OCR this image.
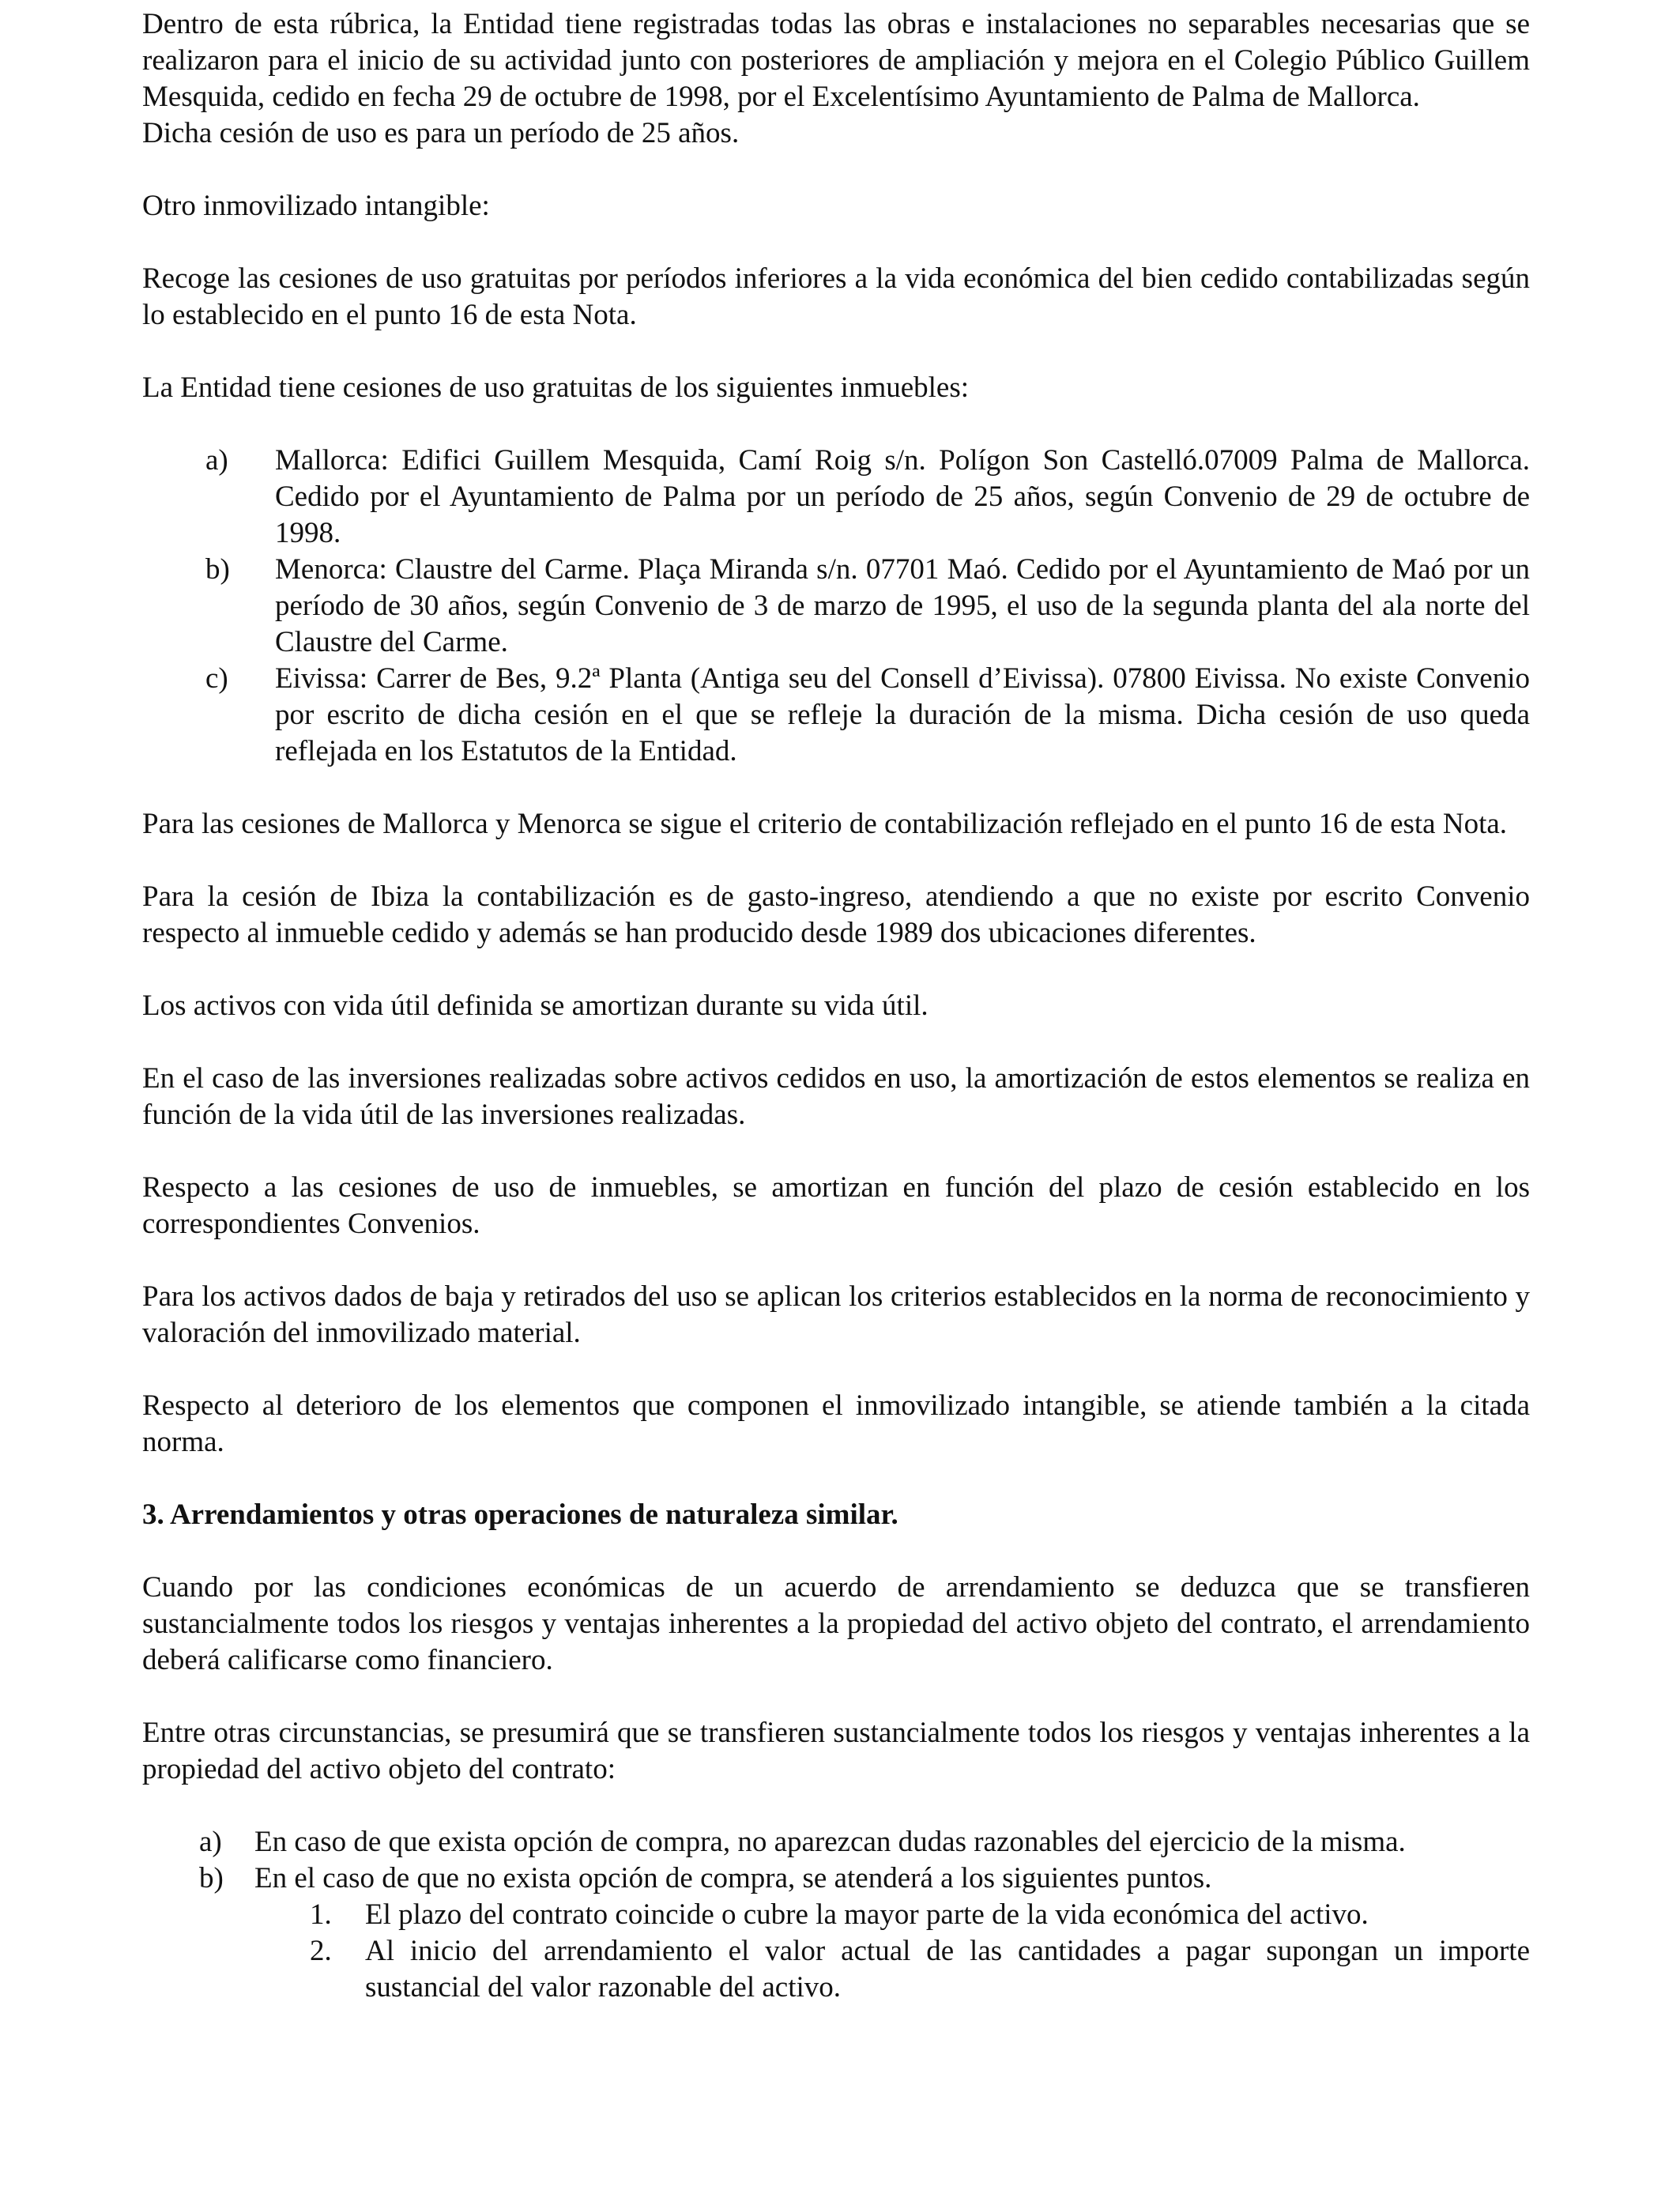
Dentro de esta rúbrica, la Entidad tiene registradas todas las obras e instalaciones no separables necesarias que se realizaron para el inicio de su actividad junto con posteriores de ampliación y mejora en el Colegio Público Guillem Mesquida, cedido en fecha 29 de octubre de 1998, por el Excelentísimo Ayuntamiento de Palma de Mallorca.

Dicha cesión de uso es para un período de 25 años.

Otro inmovilizado intangible:

Recoge las cesiones de uso gratuitas por períodos inferiores a la vida económica del bien cedido contabilizadas según lo establecido en el punto 16 de esta Nota.

La Entidad tiene cesiones de uso gratuitas de los siguientes inmuebles:

a) Mallorca: Edifici Guillem Mesquida, Camí Roig s/n. Polígon Son Castelló.07009 Palma de Mallorca. Cedido por el Ayuntamiento de Palma por un período de 25 años, según Convenio de 29 de octubre de 1998.
b) Menorca: Claustre del Carme. Plaça Miranda s/n. 07701 Maó. Cedido por el Ayuntamiento de Maó por un período de 30 años, según Convenio de 3 de marzo de 1995, el uso de la segunda planta del ala norte del Claustre del Carme.
c) Eivissa: Carrer de Bes, 9.2ª Planta (Antiga seu del Consell d’Eivissa). 07800 Eivissa. No existe Convenio por escrito de dicha cesión en el que se refleje la duración de la misma. Dicha cesión de uso queda reflejada en los Estatutos de la Entidad.

Para las cesiones de Mallorca y Menorca se sigue el criterio de contabilización reflejado en el punto 16 de esta Nota.

Para la cesión de Ibiza la contabilización es de gasto-ingreso, atendiendo a que no existe por escrito Convenio respecto al inmueble cedido y además se han producido desde 1989 dos ubicaciones diferentes.

Los activos con vida útil definida se amortizan durante su vida útil.

En el caso de las inversiones realizadas sobre activos cedidos en uso, la amortización de estos elementos se realiza en función de la vida útil de las inversiones realizadas.

Respecto a las cesiones de uso de inmuebles, se amortizan en función del plazo de cesión establecido en los correspondientes Convenios.

Para los activos dados de baja y retirados del uso se aplican los criterios establecidos en la norma de reconocimiento y valoración del inmovilizado material.

Respecto al deterioro de los elementos que componen el inmovilizado intangible, se atiende también a la citada norma.

3. Arrendamientos y otras operaciones de naturaleza similar.

Cuando por las condiciones económicas de un acuerdo de arrendamiento se deduzca que se transfieren sustancialmente todos los riesgos y ventajas inherentes a la propiedad del activo objeto del contrato, el arrendamiento deberá calificarse como financiero.

Entre otras circunstancias, se presumirá que se transfieren sustancialmente todos los riesgos y ventajas inherentes a la propiedad del activo objeto del contrato:

a) En caso de que exista opción de compra, no aparezcan dudas razonables del ejercicio de la misma.
b) En el caso de que no exista opción de compra, se atenderá a los siguientes puntos.
1. El plazo del contrato coincide o cubre la mayor parte de la vida económica del activo.
2. Al inicio del arrendamiento el valor actual de las cantidades a pagar supongan un importe sustancial del valor razonable del activo.
